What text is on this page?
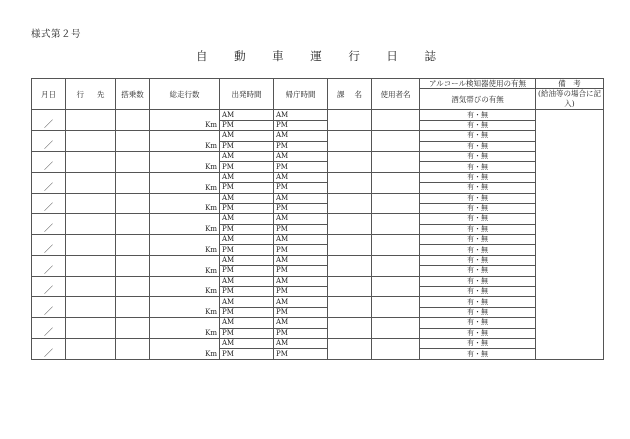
様式第２号
自 動 車 運 行 日 誌
月日	行 先	搭乗数	総走行数	出発時間	帰庁時間	課 名	使用者名	アルコール検知器使用の有無	備　考
								酒気帯びの有無	(給油等の場合に記入)
／			Km	AM	AM			有・無	
				PM	PM			有・無	
／			Km	AM	AM			有・無	
				PM	PM			有・無	
／			Km	AM	AM			有・無	
				PM	PM			有・無	
／			Km	AM	AM			有・無	
				PM	PM			有・無	
／			Km	AM	AM			有・無	
				PM	PM			有・無	
／			Km	AM	AM			有・無	
				PM	PM			有・無	
／			Km	AM	AM			有・無	
				PM	PM			有・無	
／			Km	AM	AM			有・無	
				PM	PM			有・無	
／			Km	AM	AM			有・無	
				PM	PM			有・無	
／			Km	AM	AM			有・無	
				PM	PM			有・無	
／			Km	AM	AM			有・無	
				PM	PM			有・無	
／			Km	AM	AM			有・無	
				PM	PM			有・無	
